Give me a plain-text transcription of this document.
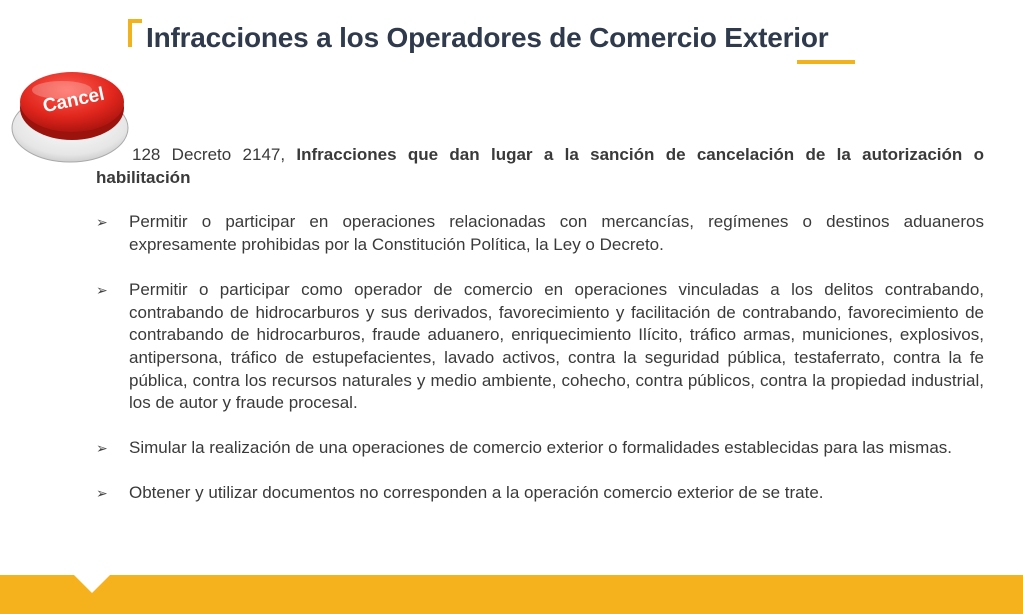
Infracciones a los Operadores de Comercio Exterior
Cancel

128 Decreto 2147, Infracciones que dan lugar a la sanción de cancelación de la autorización o habilitación

➢ Permitir o participar en operaciones relacionadas con mercancías, regímenes o destinos aduaneros expresamente prohibidas por la Constitución Política, la Ley o Decreto.
➢ Permitir o participar como operador de comercio en operaciones vinculadas a los delitos contrabando, contrabando de hidrocarburos y sus derivados, favorecimiento y facilitación de contrabando, favorecimiento de contrabando de hidrocarburos, fraude aduanero, enriquecimiento Ilícito, tráfico armas, municiones, explosivos, antipersona, tráfico de estupefacientes, lavado activos, contra la seguridad pública, testaferrato, contra la fe pública, contra los recursos naturales y medio ambiente, cohecho, contra públicos, contra la propiedad industrial, los de autor y fraude procesal.
➢ Simular la realización de una operaciones de comercio exterior o formalidades establecidas para las mismas.
➢ Obtener y utilizar documentos no corresponden a la operación comercio exterior de se trate.
